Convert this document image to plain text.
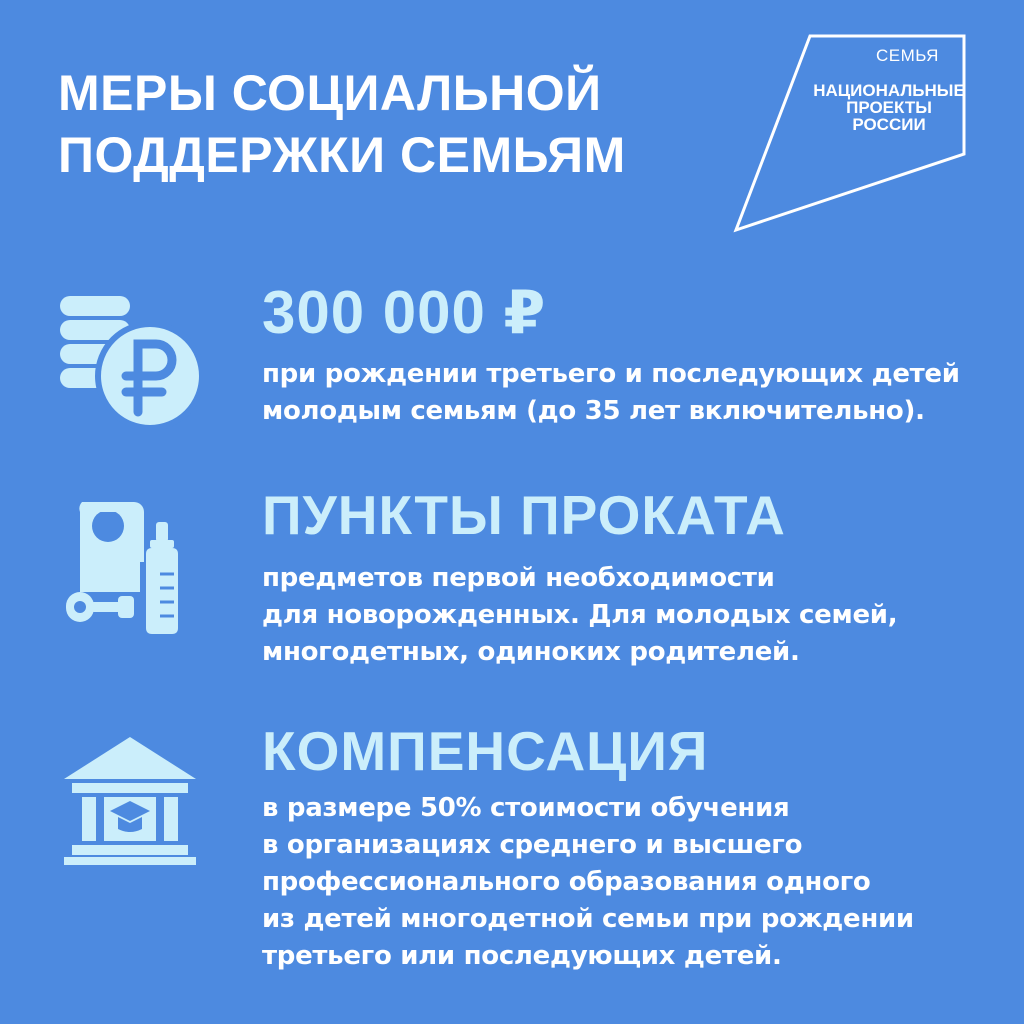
МЕРЫ СОЦИАЛЬНОЙ
ПОДДЕРЖКИ СЕМЬЯМ
СЕМЬЯ
НАЦИОНАЛЬНЫЕ
ПРОЕКТЫ
РОССИИ
300 000 ₽

при рождении третьего и последующих детей
молодым семьям (до 35 лет включительно).

ПУНКТЫ ПРОКАТА

предметов первой необходимости
для новорожденных. Для молодых семей,
многодетных, одиноких родителей.

КОМПЕНСАЦИЯ

в размере 50% стоимости обучения
в организациях среднего и высшего
профессионального образования одного
из детей многодетной семьи при рождении
третьего или последующих детей.
